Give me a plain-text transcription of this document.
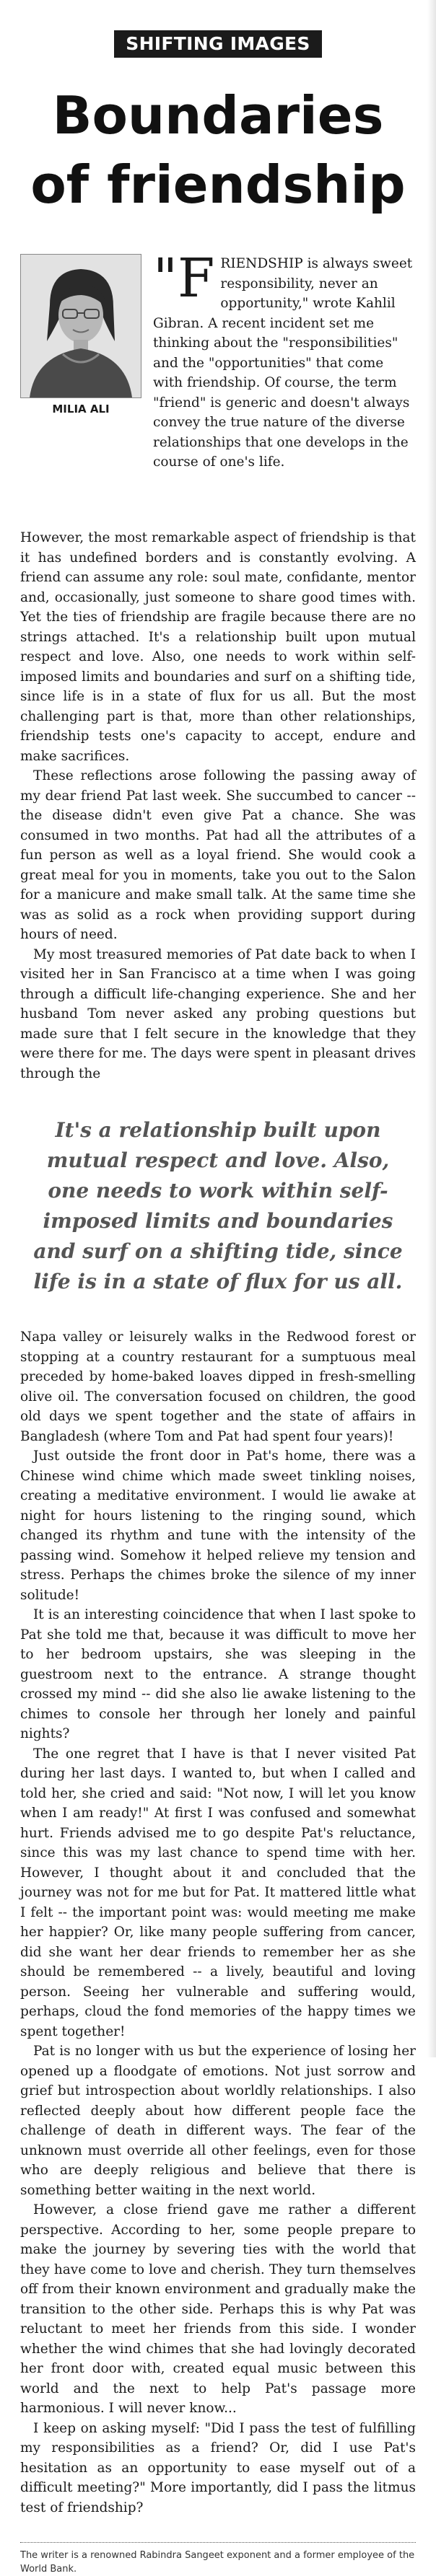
SHIFTING IMAGES
Boundaries of friendship
MILIA ALI
"F RIENDSHIP is always sweet responsibility, never an opportunity," wrote Kahlil Gibran. A recent incident set me thinking about the "responsibilities" and the "opportunities" that come with friendship. Of course, the term "friend" is generic and doesn't always convey the true nature of the diverse relationships that one develops in the course of one's life.

However, the most remarkable aspect of friendship is that it has undefined borders and is constantly evolving. A friend can assume any role: soul mate, confidante, mentor and, occasionally, just someone to share good times with. Yet the ties of friendship are fragile because there are no strings attached. It's a relationship built upon mutual respect and love. Also, one needs to work within self-imposed limits and boundaries and surf on a shifting tide, since life is in a state of flux for us all. But the most challenging part is that, more than other relationships, friendship tests one's capacity to accept, endure and make sacrifices.

These reflections arose following the passing away of my dear friend Pat last week. She succumbed to cancer -- the disease didn't even give Pat a chance. She was consumed in two months. Pat had all the attributes of a fun person as well as a loyal friend. She would cook a great meal for you in moments, take you out to the Salon for a manicure and make small talk. At the same time she was as solid as a rock when providing support during hours of need.

My most treasured memories of Pat date back to when I visited her in San Francisco at a time when I was going through a difficult life-changing experience. She and her husband Tom never asked any probing questions but made sure that I felt secure in the knowledge that they were there for me. The days were spent in pleasant drives through the

It's a relationship built upon mutual respect and love. Also, one needs to work within self-imposed limits and boundaries and surf on a shifting tide, since life is in a state of flux for us all.

Napa valley or leisurely walks in the Redwood forest or stopping at a country restaurant for a sumptuous meal preceded by home-baked loaves dipped in fresh-smelling olive oil. The conversation focused on children, the good old days we spent together and the state of affairs in Bangladesh (where Tom and Pat had spent four years)!

Just outside the front door in Pat's home, there was a Chinese wind chime which made sweet tinkling noises, creating a meditative environment. I would lie awake at night for hours listening to the ringing sound, which changed its rhythm and tune with the intensity of the passing wind. Somehow it helped relieve my tension and stress. Perhaps the chimes broke the silence of my inner solitude!

It is an interesting coincidence that when I last spoke to Pat she told me that, because it was difficult to move her to her bedroom upstairs, she was sleeping in the guestroom next to the entrance. A strange thought crossed my mind -- did she also lie awake listening to the chimes to console her through her lonely and painful nights?

The one regret that I have is that I never visited Pat during her last days. I wanted to, but when I called and told her, she cried and said: "Not now, I will let you know when I am ready!" At first I was confused and somewhat hurt. Friends advised me to go despite Pat's reluctance, since this was my last chance to spend time with her. However, I thought about it and concluded that the journey was not for me but for Pat. It mattered little what I felt -- the important point was: would meeting me make her happier? Or, like many people suffering from cancer, did she want her dear friends to remember her as she should be remembered -- a lively, beautiful and loving person. Seeing her vulnerable and suffering would, perhaps, cloud the fond memories of the happy times we spent together!

Pat is no longer with us but the experience of losing her opened up a floodgate of emotions. Not just sorrow and grief but introspection about worldly relationships. I also reflected deeply about how different people face the challenge of death in different ways. The fear of the unknown must override all other feelings, even for those who are deeply religious and believe that there is something better waiting in the next world.

However, a close friend gave me rather a different perspective. According to her, some people prepare to make the journey by severing ties with the world that they have come to love and cherish. They turn themselves off from their known environment and gradually make the transition to the other side. Perhaps this is why Pat was reluctant to meet her friends from this side. I wonder whether the wind chimes that she had lovingly decorated her front door with, created equal music between this world and the next to help Pat's passage more harmonious. I will never know...

I keep on asking myself: "Did I pass the test of fulfilling my responsibilities as a friend? Or, did I use Pat's hesitation as an opportunity to ease myself out of a difficult meeting?" More importantly, did I pass the litmus test of friendship?

The writer is a renowned Rabindra Sangeet exponent and a former employee of the World Bank.
